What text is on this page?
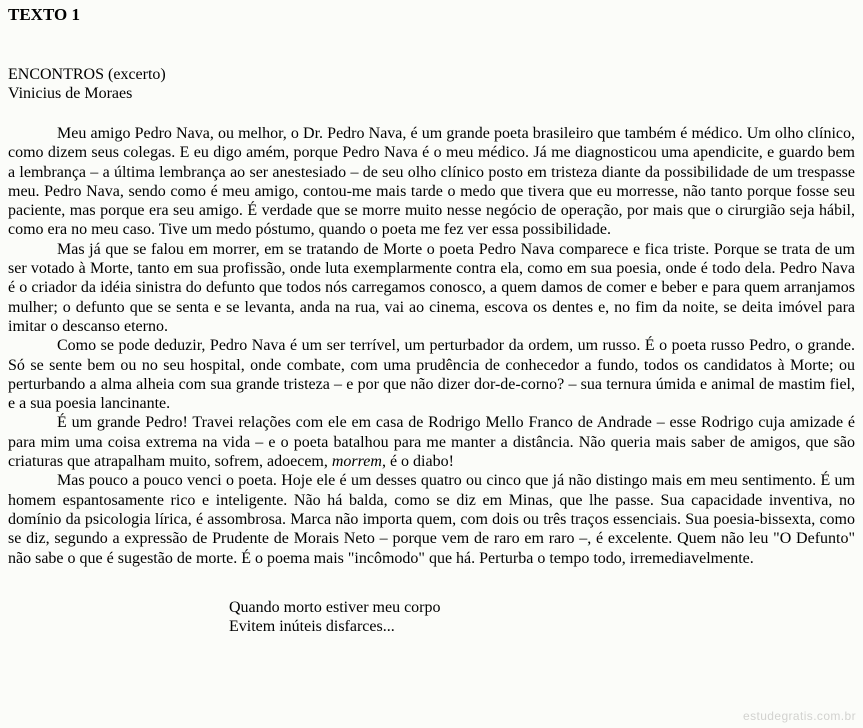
TEXTO 1
ENCONTROS (excerto)
Vinicius de Moraes

Meu amigo Pedro Nava, ou melhor, o Dr. Pedro Nava, é um grande poeta brasileiro que também é médico. Um olho clínico, como dizem seus colegas. E eu digo amém, porque Pedro Nava é o meu médico. Já me diagnosticou uma apendicite, e guardo bem a lembrança – a última lembrança ao ser anestesiado – de seu olho clínico posto em tristeza diante da possibilidade de um trespasse meu. Pedro Nava, sendo como é meu amigo, contou-me mais tarde o medo que tivera que eu morresse, não tanto porque fosse seu paciente, mas porque era seu amigo. É verdade que se morre muito nesse negócio de operação, por mais que o cirurgião seja hábil, como era no meu caso. Tive um medo póstumo, quando o poeta me fez ver essa possibilidade.

Mas já que se falou em morrer, em se tratando de Morte o poeta Pedro Nava comparece e fica triste. Porque se trata de um ser votado à Morte, tanto em sua profissão, onde luta exemplarmente contra ela, como em sua poesia, onde é todo dela. Pedro Nava é o criador da idéia sinistra do defunto que todos nós carregamos conosco, a quem damos de comer e beber e para quem arranjamos mulher; o defunto que se senta e se levanta, anda na rua, vai ao cinema, escova os dentes e, no fim da noite, se deita imóvel para imitar o descanso eterno.

Como se pode deduzir, Pedro Nava é um ser terrível, um perturbador da ordem, um russo. É o poeta russo Pedro, o grande. Só se sente bem ou no seu hospital, onde combate, com uma prudência de conhecedor a fundo, todos os candidatos à Morte; ou perturbando a alma alheia com sua grande tristeza – e por que não dizer dor-de-corno? – sua ternura úmida e animal de mastim fiel, e a sua poesia lancinante.

É um grande Pedro! Travei relações com ele em casa de Rodrigo Mello Franco de Andrade – esse Rodrigo cuja amizade é para mim uma coisa extrema na vida – e o poeta batalhou para me manter a distância. Não queria mais saber de amigos, que são criaturas que atrapalham muito, sofrem, adoecem, morrem, é o diabo!

Mas pouco a pouco venci o poeta. Hoje ele é um desses quatro ou cinco que já não distingo mais em meu sentimento. É um homem espantosamente rico e inteligente. Não há balda, como se diz em Minas, que lhe passe. Sua capacidade inventiva, no domínio da psicologia lírica, é assombrosa. Marca não importa quem, com dois ou três traços essenciais. Sua poesia-bissexta, como se diz, segundo a expressão de Prudente de Morais Neto – porque vem de raro em raro –, é excelente. Quem não leu "O Defunto" não sabe o que é sugestão de morte. É o poema mais "incômodo" que há. Perturba o tempo todo, irremediavelmente.

Quando morto estiver meu corpo
Evitem inúteis disfarces...
estudegratis.com.br
